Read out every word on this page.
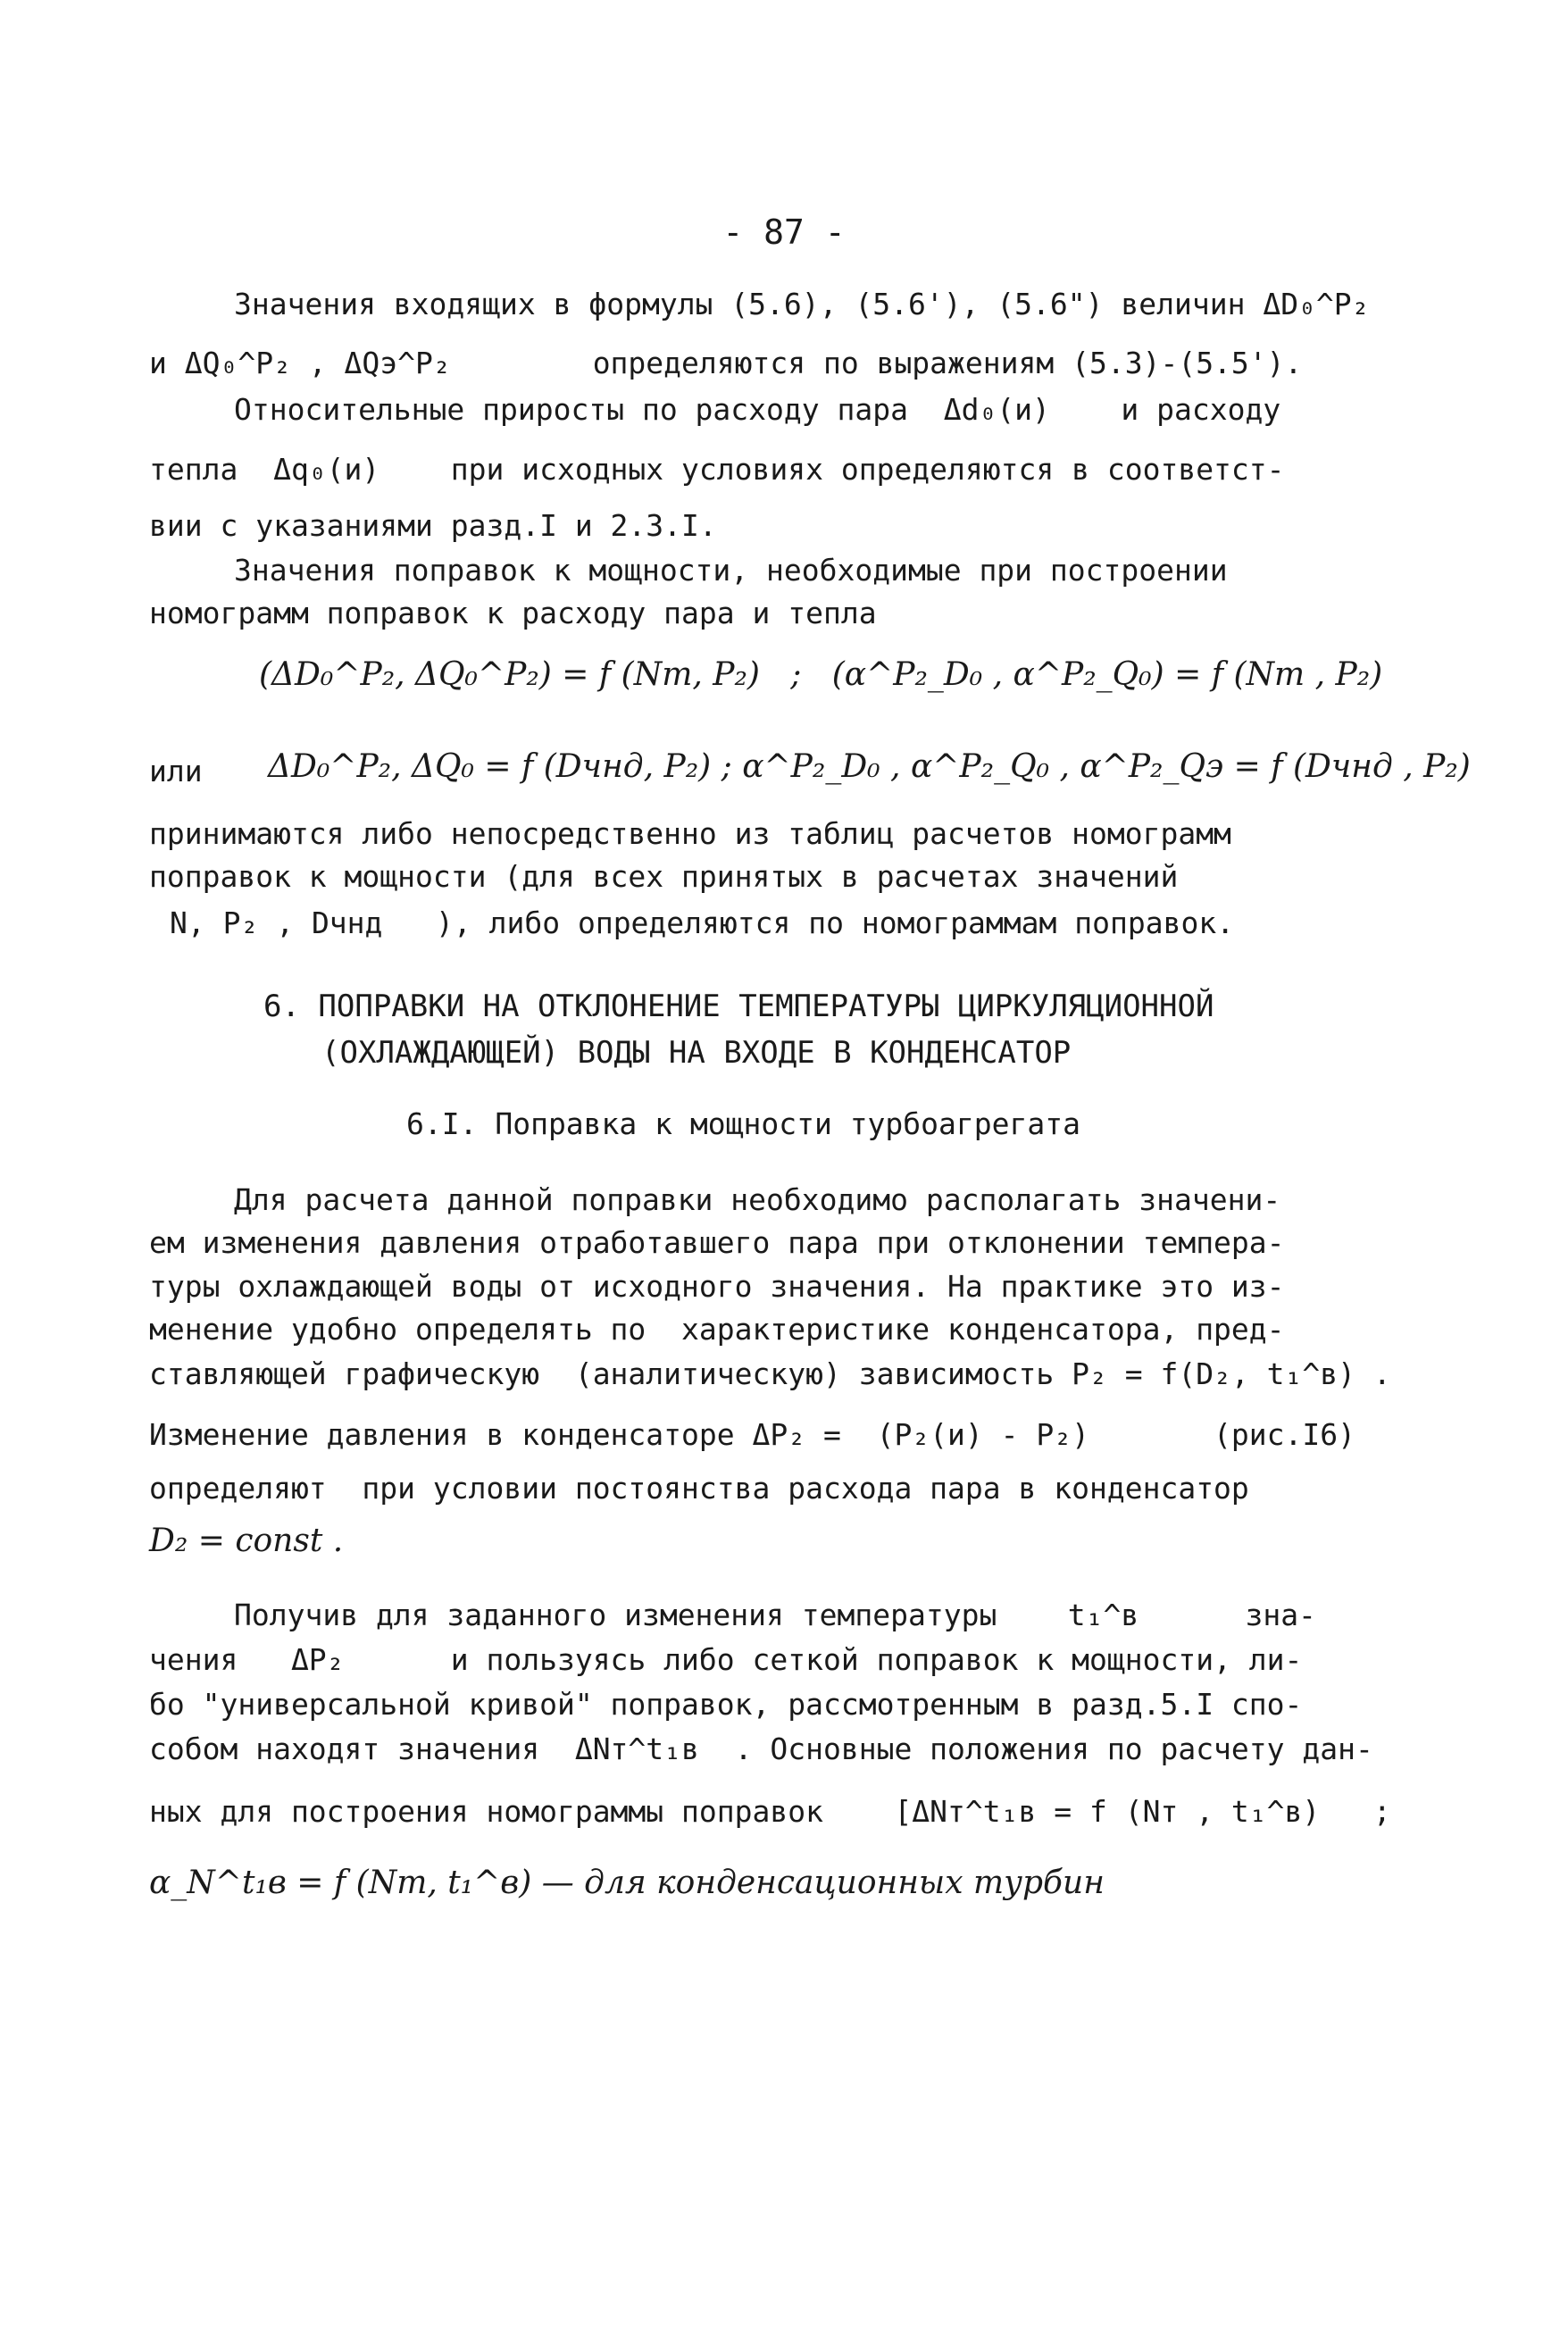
- 87 -
Значения входящих в формулы (5.6), (5.6'), (5.6") величин ΔD₀^P₂
и ΔQ₀^P₂ , ΔQэ^P₂        определяются по выражениям (5.3)-(5.5').
Относительные приросты по расходу пара  Δd₀(и)    и расходу
тепла  Δq₀(и)    при исходных условиях определяются в соответст-
вии с указаниями разд.I и 2.3.I.
Значения поправок к мощности, необходимые при построении
номограмм поправок к расходу пара и тепла
(ΔD₀^P₂, ΔQ₀^P₂) = f (Nт, P₂)   ;   (α^P₂_D₀ , α^P₂_Q₀) = f (Nт , P₂)
или ΔD₀^P₂, ΔQ₀ = f (Dчнд, P₂) ; α^P₂_D₀ , α^P₂_Q₀ , α^P₂_Qэ = f (Dчнд , P₂)
принимаются либо непосредственно из таблиц расчетов номограмм
поправок к мощности (для всех принятых в расчетах значений
N, P₂ , Dчнд   ), либо определяются по номограммам поправок.
6. ПОПРАВКИ НА ОТКЛОНЕНИЕ ТЕМПЕРАТУРЫ ЦИРКУЛЯЦИОННОЙ
(ОХЛАЖДАЮЩЕЙ) ВОДЫ НА ВХОДЕ В КОНДЕНСАТОР
6.I. Поправка к мощности турбоагрегата
Для расчета данной поправки необходимо располагать значени-
ем изменения давления отработавшего пара при отклонении темпера-
туры охлаждающей воды от исходного значения. На практике это из-
менение удобно определять по  характеристике конденсатора, пред-
ставляющей графическую  (аналитическую) зависимость P₂ = f(D₂, t₁^в) .
Изменение давления в конденсаторе ΔP₂ =  (P₂(и) - P₂)       (рис.I6)
определяют  при условии постоянства расхода пара в конденсатор
D₂ = const .
Получив для заданного изменения температуры    t₁^в      зна-
чения   ΔP₂      и пользуясь либо сеткой поправок к мощности, ли-
бо "универсальной кривой" поправок, рассмотренным в разд.5.I спо-
собом находят значения  ΔNт^t₁в  . Основные положения по расчету дан-
ных для построения номограммы поправок    [ΔNт^t₁в = f (Nт , t₁^в)   ;
α_N^t₁в = f (Nт, t₁^в) — для конденсационных турбин
